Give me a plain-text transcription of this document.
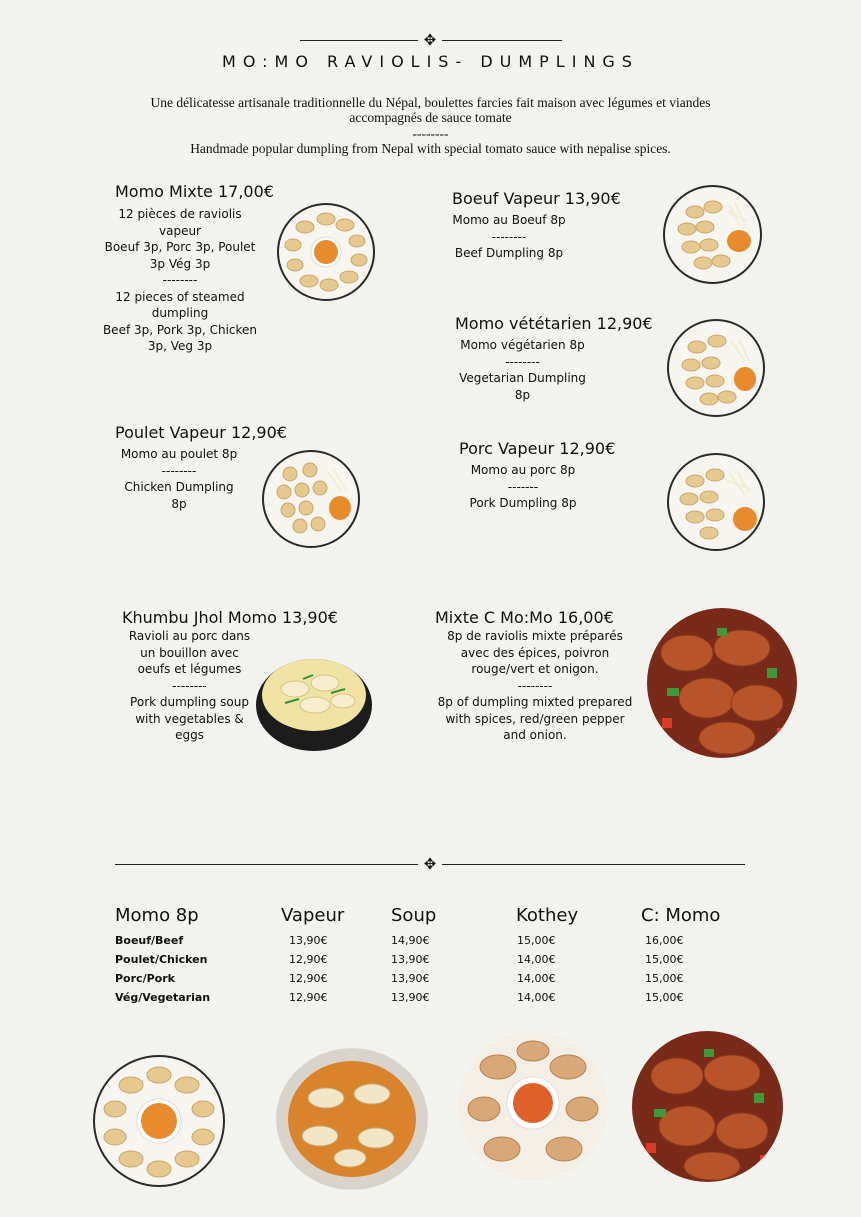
✥
MO:MO RAVIOLIS- DUMPLINGS
Une délicatesse artisanale traditionnelle du Népal, boulettes farcies fait maison avec légumes et viandes
accompagnés de sauce tomate
--------
Handmade popular dumpling from Nepal with special tomato sauce with nepalise spices.
Momo Mixte 17,00€
12 pièces de raviolis
vapeur
Boeuf 3p, Porc 3p, Poulet
3p Vég 3p
--------
12 pieces of steamed
dumpling
Beef 3p, Pork 3p, Chicken
3p, Veg 3p
Boeuf Vapeur 13,90€
Momo au Boeuf 8p
--------
Beef Dumpling 8p
Momo vététarien 12,90€
Momo végétarien 8p
--------
Vegetarian Dumpling
8p
Poulet Vapeur 12,90€
Momo au poulet 8p
--------
Chicken Dumpling
8p
Porc Vapeur 12,90€
Momo au porc 8p
-------
Pork Dumpling 8p
Khumbu Jhol Momo 13,90€
Ravioli au porc dans
un bouillon avec
oeufs et légumes
--------
Pork dumpling soup
with vegetables &
eggs
Mixte C Mo:Mo 16,00€
8p de raviolis mixte préparés
avec des épices, poivron
rouge/vert et onigon.
--------
8p of dumpling mixted prepared
with spices, red/green pepper
and onion.
✥
Momo 8p	Vapeur	Soup	Kothey	C: Momo
Boeuf/Beef	13,90€	14,90€	15,00€	16,00€
Poulet/Chicken	12,90€	13,90€	14,00€	15,00€
Porc/Pork	12,90€	13,90€	14,00€	15,00€
Vég/Vegetarian	12,90€	13,90€	14,00€	15,00€
